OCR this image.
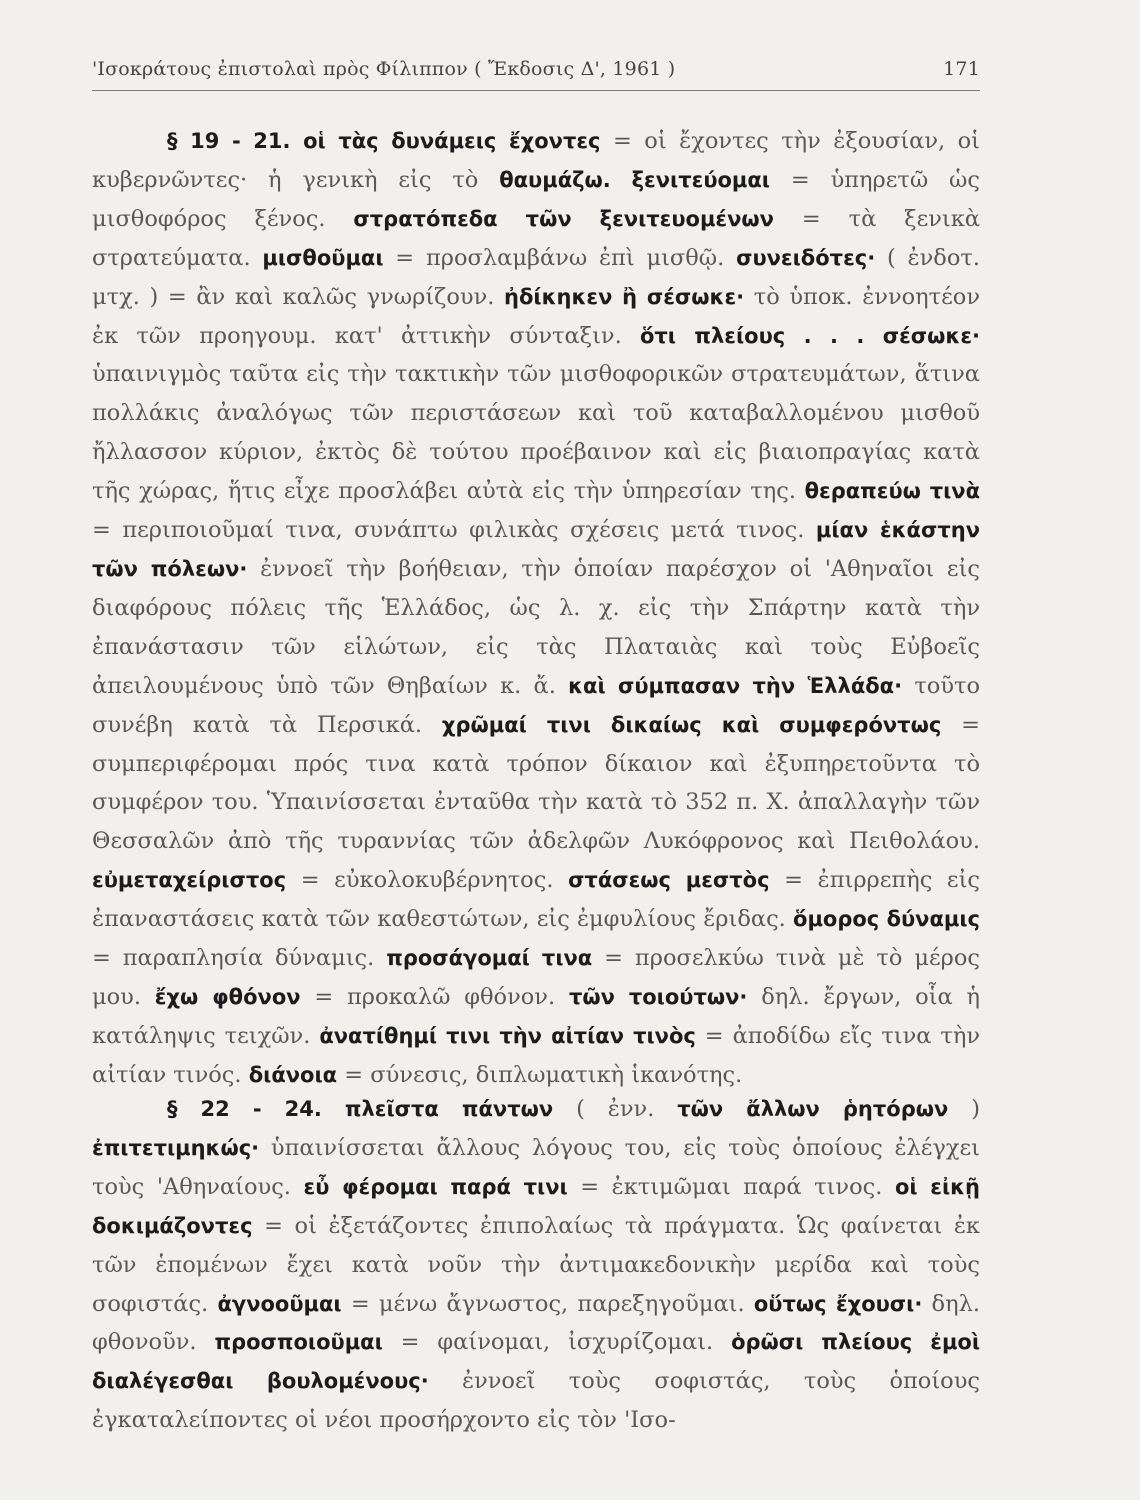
'Ισοκράτους ἐπιστολαὶ πρὸς Φίλιππον ( Ἔκδοσις Δ', 1961 )	171
§ 19 - 21. οἱ τὰς δυνάμεις ἔχοντες = οἱ ἔχοντες τὴν ἐξουσίαν, οἱ κυβερνῶντες· ἡ γενικὴ εἰς τὸ θαυμάζω. ξενιτεύομαι = ὑπηρετῶ ὡς μισθοφόρος ξένος. στρατόπεδα τῶν ξενιτευομένων = τὰ ξενικὰ στρατεύματα. μισθοῦμαι = προσλαμβάνω ἐπὶ μισθῷ. συνειδότες· ( ἐνδοτ. μτχ. ) = ἂν καὶ καλῶς γνωρίζουν. ἠδίκηκεν ἢ σέσωκε· τὸ ὑποκ. ἐννοητέον ἐκ τῶν προηγουμ. κατ' ἀττικὴν σύνταξιν. ὅτι πλείους . . . σέσωκε· ὑπαινιγμὸς ταῦτα εἰς τὴν τακτικὴν τῶν μισθοφορικῶν στρατευμάτων, ἅτινα πολλάκις ἀναλόγως τῶν περιστάσεων καὶ τοῦ καταβαλλομένου μισθοῦ ἤλλασσον κύριον, ἐκτὸς δὲ τούτου προέβαινον καὶ εἰς βιαιοπραγίας κατὰ τῆς χώρας, ἥτις εἶχε προσλάβει αὐτὰ εἰς τὴν ὑπηρεσίαν της. θεραπεύω τινὰ = περιποιοῦμαί τινα, συνάπτω φιλικὰς σχέσεις μετά τινος. μίαν ἑκάστην τῶν πόλεων· ἐννοεῖ τὴν βοήθειαν, τὴν ὁποίαν παρέσχον οἱ 'Αθηναῖοι εἰς διαφόρους πόλεις τῆς Ἑλλάδος, ὡς λ. χ. εἰς τὴν Σπάρτην κατὰ τὴν ἐπανάστασιν τῶν εἱλώτων, εἰς τὰς Πλαταιὰς καὶ τοὺς Εὐβοεῖς ἀπειλουμένους ὑπὸ τῶν Θηβαίων κ. ἄ. καὶ σύμπασαν τὴν Ἑλλάδα· τοῦτο συνέβη κατὰ τὰ Περσικά. χρῶμαί τινι δικαίως καὶ συμφερόντως = συμπεριφέρομαι πρός τινα κατὰ τρόπον δίκαιον καὶ ἐξυπηρετοῦντα τὸ συμφέρον του. Ὑπαινίσσεται ἐνταῦθα τὴν κατὰ τὸ 352 π. Χ. ἀπαλλαγὴν τῶν Θεσσαλῶν ἀπὸ τῆς τυραννίας τῶν ἀδελφῶν Λυκόφρονος καὶ Πειθολάου. εὐμεταχείριστος = εὐκολοκυβέρνητος. στάσεως μεστὸς = ἐπιρρεπὴς εἰς ἐπαναστάσεις κατὰ τῶν καθεστώτων, εἰς ἐμφυλίους ἔριδας. ὅμορος δύναμις = παραπλησία δύναμις. προσάγομαί τινα = προσελκύω τινὰ μὲ τὸ μέρος μου. ἔχω φθόνον = προκαλῶ φθόνον. τῶν τοιούτων· δηλ. ἔργων, οἷα ἡ κατάληψις τειχῶν. ἀνατίθημί τινι τὴν αἰτίαν τινὸς = ἀποδίδω εἴς τινα τὴν αἰτίαν τινός. διάνοια = σύνεσις, διπλωματικὴ ἱκανότης.
§ 22 - 24. πλεῖστα πάντων ( ἐνν. τῶν ἄλλων ῥητόρων ) ἐπιτετιμηκώς· ὑπαινίσσεται ἄλλους λόγους του, εἰς τοὺς ὁποίους ἐλέγχει τοὺς 'Αθηναίους. εὖ φέρομαι παρά τινι = ἐκτιμῶμαι παρά τινος. οἱ εἰκῇ δοκιμάζοντες = οἱ ἐξετάζοντες ἐπιπολαίως τὰ πράγματα. Ὡς φαίνεται ἐκ τῶν ἑπομένων ἔχει κατὰ νοῦν τὴν ἀντιμακεδονικὴν μερίδα καὶ τοὺς σοφιστάς. ἀγνοοῦμαι = μένω ἄγνωστος, παρεξηγοῦμαι. οὕτως ἔχουσι· δηλ. φθονοῦν. προσποιοῦμαι = φαίνομαι, ἰσχυρίζομαι. ὁρῶσι πλείους ἐμοὶ διαλέγεσθαι βουλομένους· ἐννοεῖ τοὺς σοφιστάς, τοὺς ὁποίους ἐγκαταλείποντες οἱ νέοι προσήρχοντο εἰς τὸν 'Ισο-
